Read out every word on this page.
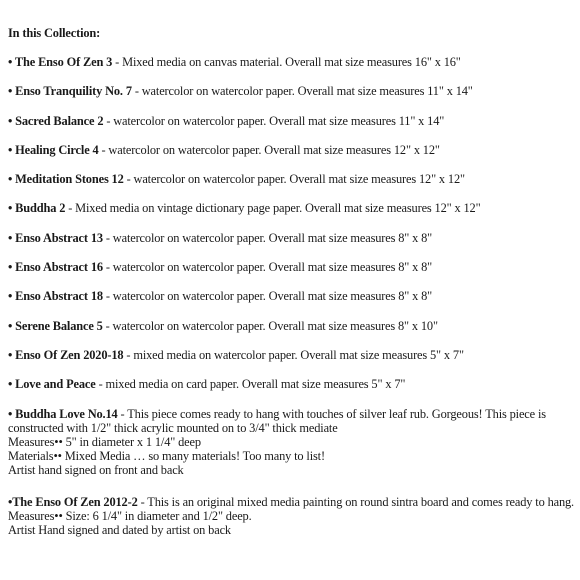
In this Collection:
• The Enso Of Zen 3 - Mixed media on canvas material. Overall mat size measures 16" x 16"
• Enso Tranquility No. 7 - watercolor on watercolor paper. Overall mat size measures 11" x 14"
• Sacred Balance 2 - watercolor on watercolor paper. Overall mat size measures 11" x 14"
• Healing Circle 4 - watercolor on watercolor paper. Overall mat size measures 12" x 12"
• Meditation Stones 12 - watercolor on watercolor paper. Overall mat size measures 12" x 12"
• Buddha 2 - Mixed media on vintage dictionary page paper. Overall mat size measures 12" x 12"
• Enso Abstract 13 - watercolor on watercolor paper. Overall mat size measures 8" x 8"
• Enso Abstract 16 - watercolor on watercolor paper. Overall mat size measures 8" x 8"
• Enso Abstract 18 - watercolor on watercolor paper. Overall mat size measures 8" x 8"
• Serene Balance 5 - watercolor on watercolor paper. Overall mat size measures 8" x 10"
• Enso Of Zen 2020-18 - mixed media on watercolor paper. Overall mat size measures 5" x 7"
• Love and Peace - mixed media on card paper. Overall mat size measures 5" x 7"
• Buddha Love No.14 - This piece comes ready to hang with touches of silver leaf rub. Gorgeous! This piece is constructed with 1/2" thick acrylic mounted on to 3/4" thick mediate
Measures•• 5" in diameter x 1 1/4" deep
Materials•• Mixed Media … so many materials! Too many to list!
Artist hand signed on front and back
•The Enso Of Zen 2012-2 - This is an original mixed media painting on round sintra board and comes ready to hang. Measures•• Size: 6 1/4" in diameter and 1/2" deep.
Artist Hand signed and dated by artist on back
